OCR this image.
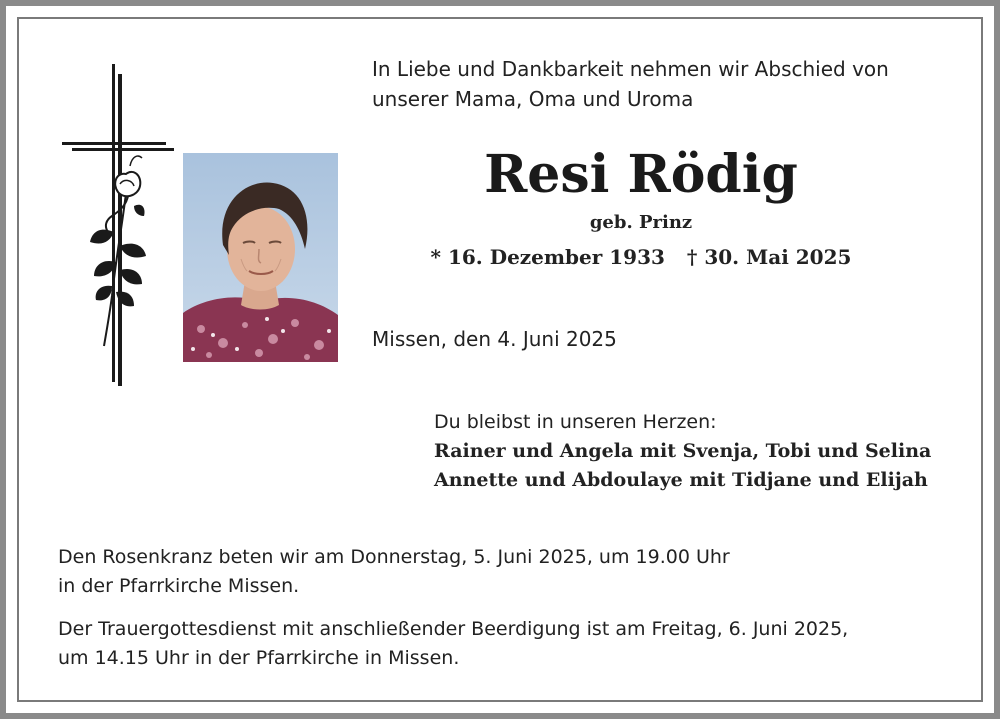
In Liebe und Dankbarkeit nehmen wir Abschied von
unserer Mama, Oma und Uroma
Resi Rödig
geb. Prinz
* 16. Dezember 1933 † 30. Mai 2025
Missen, den 4. Juni 2025
Du bleibst in unseren Herzen:
Rainer und Angela mit Svenja, Tobi und Selina
Annette und Abdoulaye mit Tidjane und Elijah
Den Rosenkranz beten wir am Donnerstag, 5. Juni 2025, um 19.00 Uhr
in der Pfarrkirche Missen.
Der Trauergottesdienst mit anschließender Beerdigung ist am Freitag, 6. Juni 2025,
um 14.15 Uhr in der Pfarrkirche in Missen.
